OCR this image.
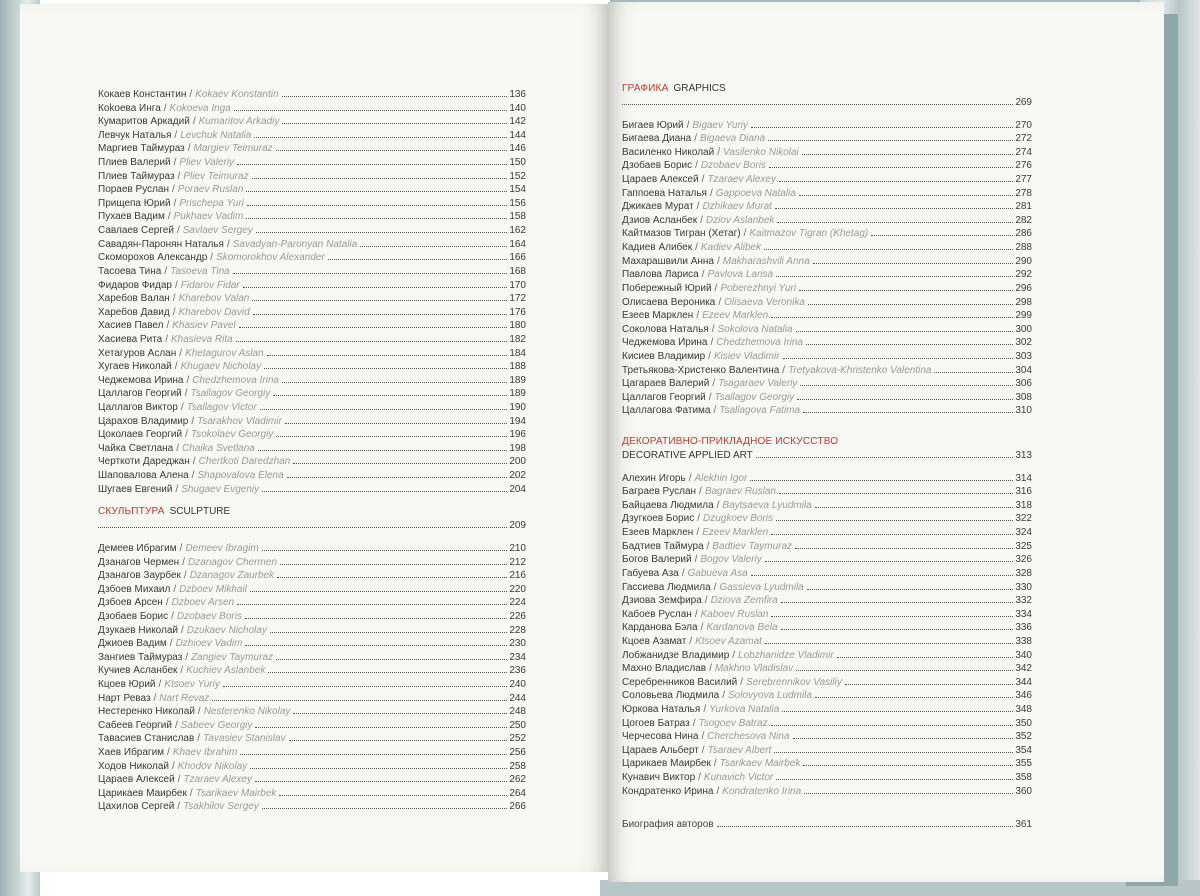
Кокаев Константин / Kokaev Konstantin	136
Коkoева Инга / Kokoeva Inga	140
Кумаритов Аркадий / Kumaritov Arkadiy	142
Левчук Наталья / Levchuk Natalia	144
Маргиев Таймураз / Margiev Teimuraz	146
Плиев Валерий / Pliev Valeriy	150
Плиев Таймураз / Pliev Teimuraz	152
Пораев Руслан / Poraev Ruslan	154
Прищепа Юрий / Prischepa Yuri	156
Пухаев Вадим / Pukhaev Vadim	158
Савлаев Сергей / Savlaev Sergey	162
Савадян-Паронян Наталья / Savadyan-Paronyan Natalia	164
Скоморохов Александр / Skomorokhov Alexander	166
Тасоева Тина / Tasoeva Tina	168
Фидаров Фидар / Fidarov Fidar	170
Харебов Валан / Kharebov Valan	172
Харебов Давид / Kharebov David	176
Хасиев Павел / Khasiev Pavel	180
Хасиева Рита / Khasieva Rita	182
Хетагуров Аслан / Khetagurov Aslan	184
Хугаев Николай / Khugaev Nicholay	188
Чеджемова Ирина / Chedzhemova Irina	189
Цаллагов Георгий / Tsallagov Georgiy	189
Цаллагов Виктор / Tsallagov Victor	190
Царахов Владимир / Tsarakhov Vladimir	194
Цоколаев Георгий / Tsokolaev Georgiy	196
Чайка Светлана / Chaika Svetlana	198
Черткоти Дареджан / Chertkoti Daredzhan	200
Шаповалова Алена / Shapovalova Elena	202
Шугаев Евгений / Shugaev Evgeniy	204
СКУЛЬПТУРА SCULPTURE
209
Демеев Ибрагим / Demeev Ibragim	210
Дзанагов Чермен / Dzanagov Chermen	212
Дзанагов Заурбек / Dzanagov Zaurbek	216
Дзбоев Михаил / Dzboev Mikhail	220
Дзбоев Арсен / Dzboev Arsen	224
Дзобаев Борис / Dzobaev Boris	226
Дзукаев Николай / Dzukaev Nicholay	228
Джиоев Вадим / Dzhioev Vadim	230
Зангиев Таймураз / Zangiev Taymuraz	234
Кучиев Асланбек / Kuchiev Aslanbek	236
Кцоев Юрий / Ktsoev Yuriy	240
Нарт Реваз / Nart Revaz	244
Нестеренко Николай / Nesterenko Nikolay	248
Сабеев Георгий / Sabeev Georgiy	250
Тавасиев Станислав / Tavasiev Stanislav	252
Хаев Ибрагим / Khaev Ibrahim	256
Ходов Николай / Khodov Nikolay	258
Цараев Алексей / Tzaraev Alexey	262
Царикаев Маирбек / Tsarikaev Mairbek	264
Цахилов Сергей / Tsakhilov Sergey	266
ГРАФИКА GRAPHICS
269
Бигаев Юрий / Bigaev Yuriy	270
Бигаева Диана / Bigaeva Diana	272
Василенко Николай / Vasilenko Nikolai	274
Дзобаев Борис / Dzobaev Boris	276
Цараев Алексей / Tzaraev Alexey	277
Гаппоева Наталья / Gappoeva Natalia	278
Джикаев Мурат / Dzhikaev Murat	281
Дзиов Асланбек / Dziov Aslanbek	282
Кайтмазов Тигран (Хетаг) / Kaitmazov Tigran (Khetag)	286
Кадиев Алибек / Kadiev Alibek	288
Махарашвили Анна / Makharashvili Anna	290
Павлова Лариса / Pavlova Larisa	292
Побережный Юрий / Poberezhnyi Yuri	296
Олисаева Вероника / Olisaeva Veronika	298
Езеев Марклен / Ezeev Marklen	299
Соколова Наталья / Sokolova Natalia	300
Чеджемова Ирина / Chedzhemova Irina	302
Кисиев Владимир / Kisiev Vladimir	303
Третьякова-Христенко Валентина / Tretyakova-Khristenko Valentina	304
Цагараев Валерий / Tsagaraev Valeriy	306
Цаллагов Георгий / Tsallagov Georgiy	308
Цаллагова Фатима / Tsallagova Fatima	310
ДЕКОРАТИВНО-ПРИКЛАДНОЕ ИСКУССТВО
DECORATIVE APPLIED ART	313
Алехин Игорь / Alekhin Igor	314
Баграев Руслан / Bagraev Ruslan	316
Байцаева Людмила / Baytsaeva Lyudmila	318
Дзугкоев Борис / Dzugkoev Boris	322
Езеев Марклен / Ezeev Marklen	324
Бадтиев Таймура / Badtiev Taymuraz	325
Богов Валерий / Bogov Valeriy	326
Габуева Аза / Gabueva Asa	328
Гассиева Людмила / Gassieva Lyudmila	330
Дзиова Земфира / Dziova Zemfira	332
Кабоев Руслан / Kaboev Ruslan	334
Карданова Бэла / Kardanova Bela	336
Кцоев Азамат / Ktsoev Azamat	338
Лобжанидзе Владимир / Lobzhanidze Vladimir	340
Махно Владислав / Makhno Vladislav	342
Серебренников Василий / Serebrennikov Vasiliy	344
Соловьева Людмила / Solovyova Ludmila	346
Юркова Наталья / Yurkova Natalia	348
Цогоев Батраз / Tsogoev Batraz	350
Черчесова Нина / Cherchesova Nina	352
Цараев Альберт / Tsaraev Albert	354
Царикаев Маирбек / Tsarikaev Mairbek	355
Кунавич Виктор / Kunavich Victor	358
Кондратенко Ирина / Kondratenko Irina	360
Биография авторов	361
